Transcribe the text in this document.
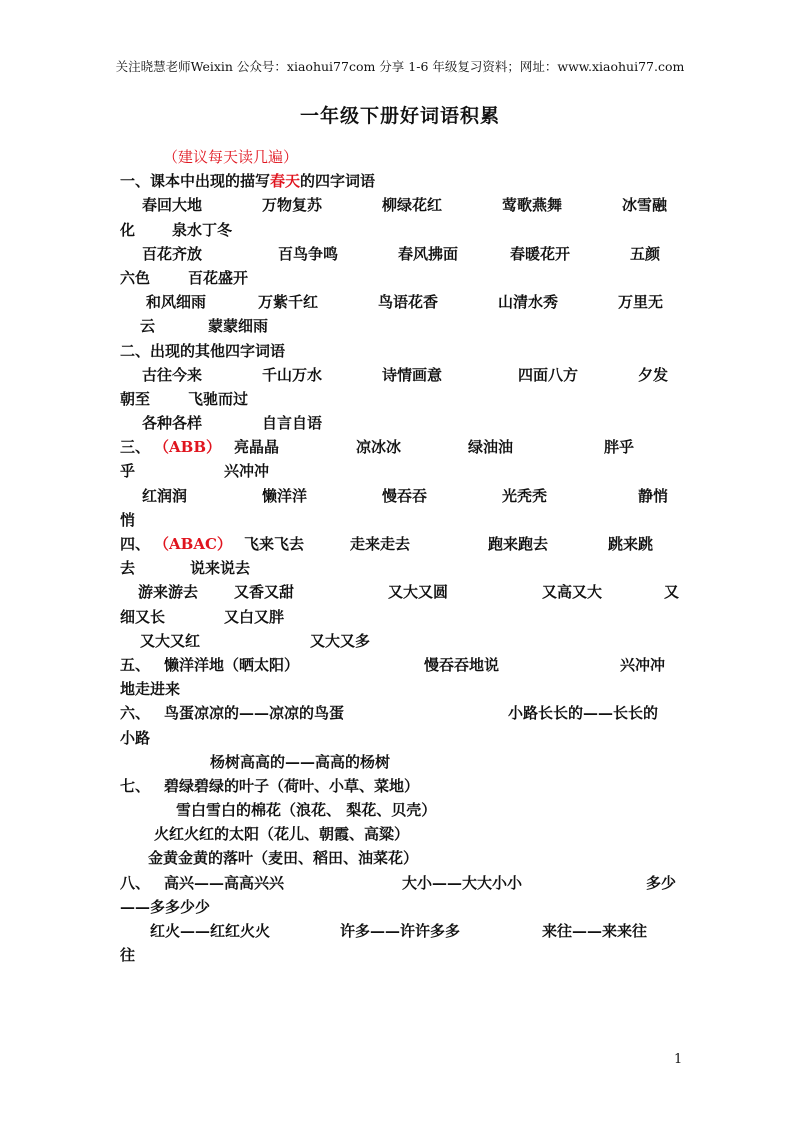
关注晓慧老师Weixin 公众号：xiaohui77com 分享 1-6 年级复习资料；网址：www.xiaohui77.com
一年级下册好词语积累
（建议每天读几遍）
一、课本中出现的描写春天的四字词语
春回大地	万物复苏	柳绿花红	莺歌燕舞	冰雪融
化 泉水丁冬
百花齐放	百鸟争鸣	春风拂面	春暖花开	五颜
六色	百花盛开
和风细雨	万紫千红	鸟语花香	山清水秀	万里无
云	蒙蒙细雨
二、出现的其他四字词语
古往今来	千山万水	诗情画意	四面八方	夕发
朝至	飞驰而过
各种各样	自言自语
三、 （ABB） 亮晶晶	凉冰冰	绿油油	胖乎
乎	兴冲冲
红润润	懒洋洋	慢吞吞	光秃秃	静悄
悄
四、 （ABAC） 飞来飞去	走来走去	跑来跑去	跳来跳
去	说来说去
游来游去 又香又甜	又大又圆	又高又大	又
细又长	又白又胖
又大又红	又大又多
五、 懒洋洋地（晒太阳）	慢吞吞地说	兴冲冲
地走进来
六、 鸟蛋凉凉的——凉凉的鸟蛋	小路长长的——长长的
小路
杨树高高的——高高的杨树
七、 碧绿碧绿的叶子（荷叶、小草、菜地）
雪白雪白的棉花（浪花、 梨花、贝壳）
火红火红的太阳（花儿、朝霞、高粱）
金黄金黄的落叶（麦田、稻田、油菜花）
八、 高兴——高高兴兴	大小——大大小小	多少
——多多少少
红火——红红火火	许多——许许多多	来往——来来往
往
1
